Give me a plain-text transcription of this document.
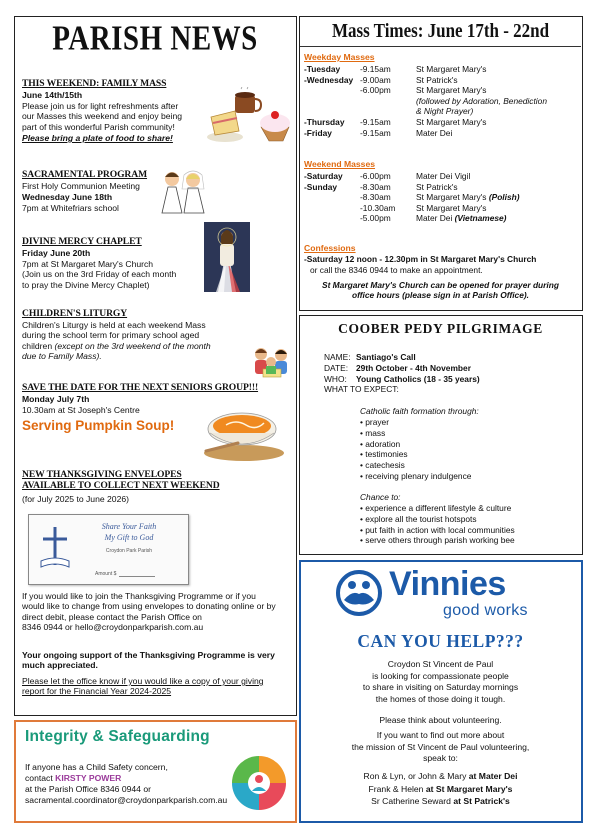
PARISH NEWS
THIS WEEKEND: FAMILY MASS
June 14th/15th
Please join us for light refreshments after
our Masses this weekend and enjoy being
part of this wonderful Parish community!
Please bring a plate of food to share!
SACRAMENTAL PROGRAM
First Holy Communion Meeting
Wednesday June 18th
7pm at Whitefriars school
DIVINE MERCY CHAPLET
Friday June 20th
7pm at St Margaret Mary's Church
(Join us on the 3rd Friday of each month
to pray the Divine Mercy Chaplet)
CHILDREN'S LITURGY
Children's Liturgy is held at each weekend Mass
during the school term for primary school aged
children (except on the 3rd weekend of the month
due to Family Mass).
SAVE THE DATE FOR THE NEXT SENIORS GROUP!!!
Monday July 7th
10.30am at St Joseph's Centre
Serving Pumpkin Soup!
NEW THANKSGIVING ENVELOPES
AVAILABLE TO COLLECT NEXT WEEKEND
(for July 2025 to June 2026)
Share Your Faith
My Gift to God
Croydon Park Parish
Amount $
If you would like to join the Thanksgiving Programme or if you
would like to change from using envelopes to donating online or by
direct debit, please contact the Parish Office on
8346 0944 or hello@croydonparkparish.com.au
Your ongoing support of the Thanksgiving Programme is very
much appreciated.
Please let the office know if you would like a copy of your giving
report for the Financial Year 2024-2025
Integrity & Safeguarding
If anyone has a Child Safety concern,
contact KIRSTY POWER
at the Parish Office 8346 0944 or
sacramental.coordinator@croydonparkparish.com.au
Mass Times: June 17th - 22nd
Weekday Masses
Weekend Masses
Confessions
-Saturday 12 noon - 12.30pm in St Margaret Mary's Church
or call the 8346 0944 to make an appointment.
St Margaret Mary's Church can be opened for prayer during
office hours (please sign in at Parish Office).
-Tuesday -9.15am	St Margaret Mary's
-Wednesday -9.00am	St Patrick's
-6.00pm	St Margaret Mary's
(followed by Adoration, Benediction
& Night Prayer)
-Thursday -9.15am	St Margaret Mary's
-Friday	-9.15am	Mater Dei
-Saturday -6.00pm	Mater Dei Vigil
-Sunday	-8.30am	St Patrick's
-8.30am	St Margaret Mary's (Polish)
-10.30am St Margaret Mary's
-5.00pm	Mater Dei (Vietnamese)
COOBER PEDY PILGRIMAGE
NAME: Santiago's Call
DATE: 29th October - 4th November
WHO: Young Catholics (18 - 35 years)
WHAT TO EXPECT:
Catholic faith formation through:
• prayer
• mass
• adoration
• testimonies
• catechesis
• receiving plenary indulgence
Chance to:
• experience a different lifestyle & culture
• explore all the tourist hotspots
• put faith in action with local communities
• serve others through parish working bee
Vinnies
good works
CAN YOU HELP???
Croydon St Vincent de Paul
is looking for compassionate people
to share in visiting on Saturday mornings
the homes of those doing it tough.
Please think about volunteering.
If you want to find out more about
the mission of St Vincent de Paul volunteering,
speak to:
Ron & Lyn, or John & Mary at Mater Dei
Frank & Helen at St Margaret Mary's
Sr Catherine Seward at St Patrick's
